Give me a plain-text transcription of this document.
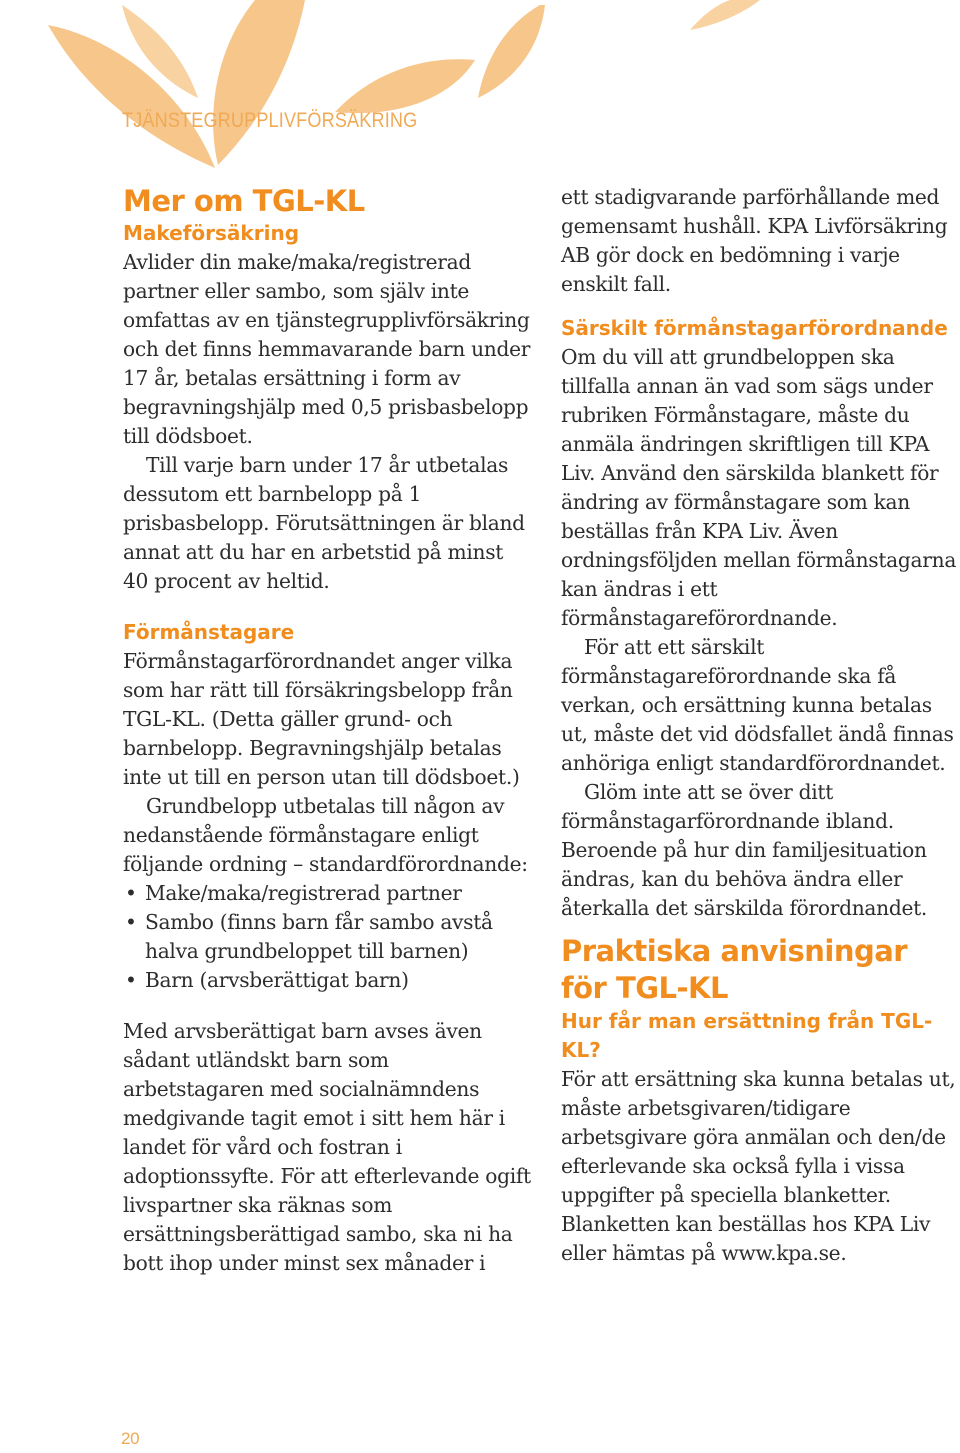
TJÄNSTEGRUPPLIVFÖRSÄKRING

Mer om TGL-KL
Makeförsäkring

Avlider din make/maka/registrerad partner eller sambo, som själv inte omfattas av en tjänstegrupplivförsäkring och det finns hemmavarande barn under 17 år, betalas ersättning i form av begravningshjälp med 0,5 prisbasbelopp till dödsboet.

Till varje barn under 17 år utbetalas dessutom ett barnbelopp på 1 prisbasbelopp. Förutsättningen är bland annat att du har en arbetstid på minst 40 procent av heltid.

Förmånstagare

Förmånstagarförordnandet anger vilka som har rätt till försäkringsbelopp från TGL-KL. (Detta gäller grund- och barnbelopp. Begravningshjälp betalas inte ut till en person utan till dödsboet.)

Grundbelopp utbetalas till någon av nedanstående förmånstagare enligt följande ordning – standardförordnande:

• Make/maka/registrerad partner
• Sambo (finns barn får sambo avstå halva grundbeloppet till barnen)
• Barn (arvsberättigat barn)

Med arvsberättigat barn avses även sådant utländskt barn som arbetstagaren med socialnämndens medgivande tagit emot i sitt hem här i landet för vård och fostran i adoptionssyfte. För att efterlevande ogift livspartner ska räknas som ersättningsberättigad sambo, ska ni ha bott ihop under minst sex månader i

ett stadigvarande parförhållande med gemensamt hushåll. KPA Livförsäkring AB gör dock en bedömning i varje enskilt fall.

Särskilt förmånstagarförordnande

Om du vill att grundbeloppen ska tillfalla annan än vad som sägs under rubriken Förmånstagare, måste du anmäla ändringen skriftligen till KPA Liv. Använd den särskilda blankett för ändring av förmånstagare som kan beställas från KPA Liv. Även ordningsföljden mellan förmånstagarna kan ändras i ett förmånstagareförordnande.

För att ett särskilt förmånstagareförordnande ska få verkan, och ersättning kunna betalas ut, måste det vid dödsfallet ändå finnas anhöriga enligt standardförordnandet.

Glöm inte att se över ditt förmånstagarförordnande ibland. Beroende på hur din familjesituation ändras, kan du behöva ändra eller återkalla det särskilda förordnandet.

Praktiska anvisningar för TGL-KL
Hur får man ersättning från TGL-KL?

För att ersättning ska kunna betalas ut, måste arbetsgivaren/tidigare arbetsgivare göra anmälan och den/de efterlevande ska också fylla i vissa uppgifter på speciella blanketter. Blanketten kan beställas hos KPA Liv eller hämtas på www.kpa.se.

20
